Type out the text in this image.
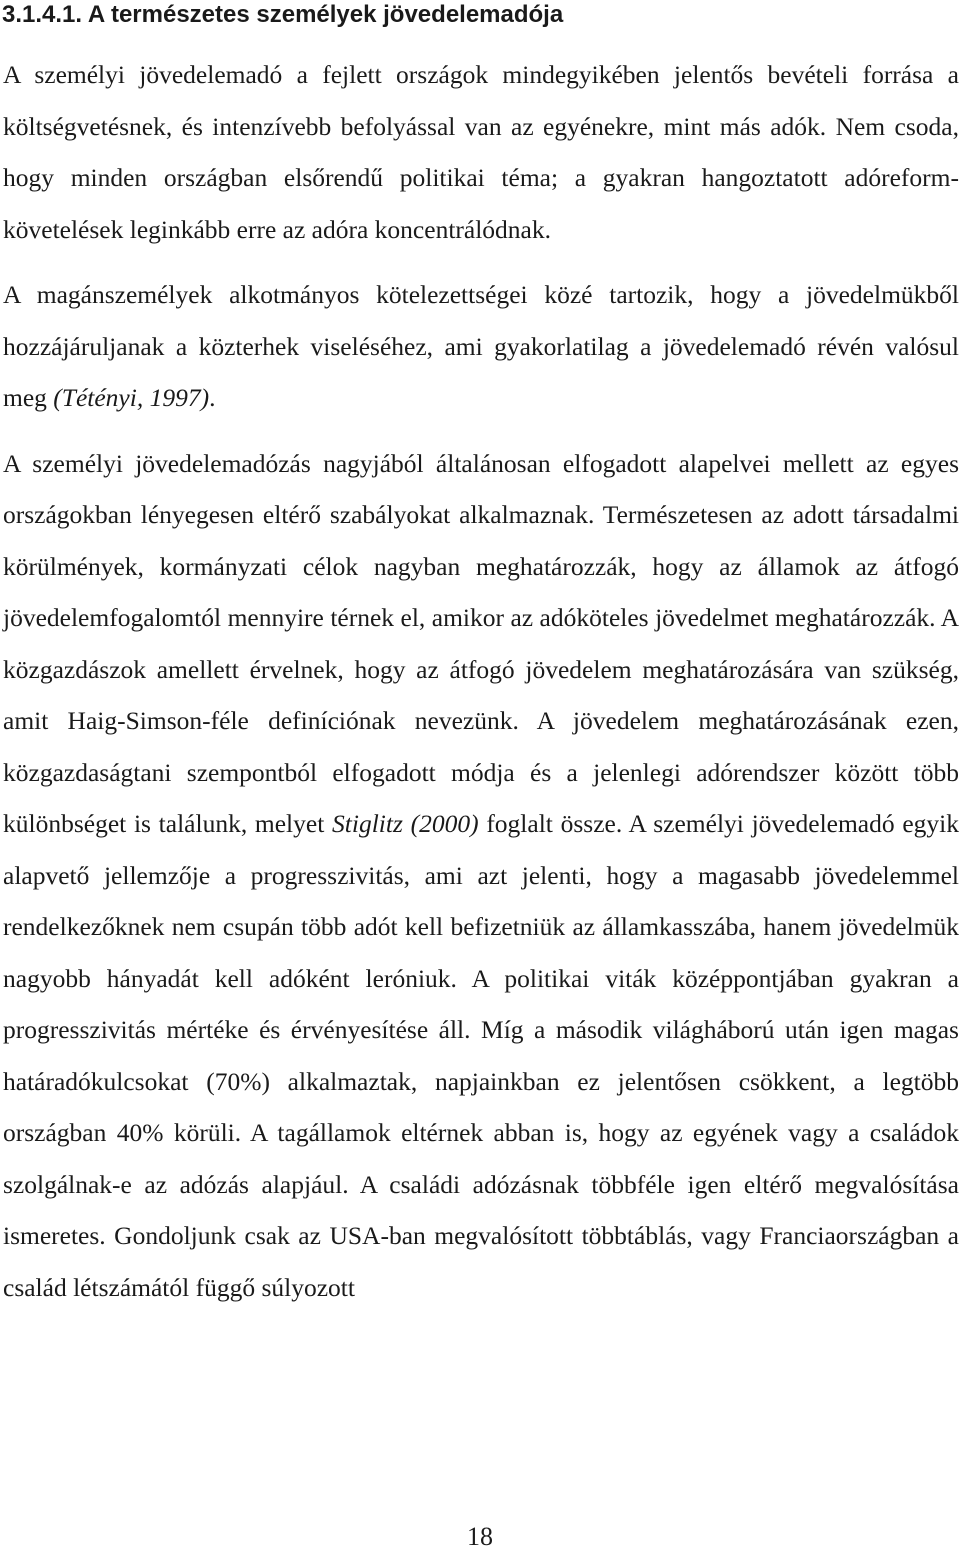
3.1.4.1. A természetes személyek jövedelemadója

A személyi jövedelemadó a fejlett országok mindegyikében jelentős bevételi forrása a költségvetésnek, és intenzívebb befolyással van az egyénekre, mint más adók. Nem csoda, hogy minden országban elsőrendű politikai téma; a gyakran hangoztatott adóreform-követelések leginkább erre az adóra koncentrálódnak.

A magánszemélyek alkotmányos kötelezettségei közé tartozik, hogy a jövedelmükből hozzájáruljanak a közterhek viseléséhez, ami gyakorlatilag a jövedelemadó révén valósul meg (Tétényi, 1997).

A személyi jövedelemadózás nagyjából általánosan elfogadott alapelvei mellett az egyes országokban lényegesen eltérő szabályokat alkalmaznak. Természetesen az adott társadalmi körülmények, kormányzati célok nagyban meghatározzák, hogy az államok az átfogó jövedelemfogalomtól mennyire térnek el, amikor az adóköteles jövedelmet meghatározzák. A közgazdászok amellett érvelnek, hogy az átfogó jövedelem meghatározására van szükség, amit Haig-Simson-féle definíciónak nevezünk. A jövedelem meghatározásának ezen, közgazdaságtani szempontból elfogadott módja és a jelenlegi adórendszer között több különbséget is találunk, melyet Stiglitz (2000) foglalt össze. A személyi jövedelemadó egyik alapvető jellemzője a progresszivitás, ami azt jelenti, hogy a magasabb jövedelemmel rendelkezőknek nem csupán több adót kell befizetniük az államkasszába, hanem jövedelmük nagyobb hányadát kell adóként leróniuk. A politikai viták középpontjában gyakran a progresszivitás mértéke és érvényesítése áll. Míg a második világháború után igen magas határadókulcsokat (70%) alkalmaztak, napjainkban ez jelentősen csökkent, a legtöbb országban 40% körüli. A tagállamok eltérnek abban is, hogy az egyének vagy a családok szolgálnak-e az adózás alapjául. A családi adózásnak többféle igen eltérő megvalósítása ismeretes. Gondoljunk csak az USA-ban megvalósított többtáblás, vagy Franciaországban a család létszámától függő súlyozott

18
